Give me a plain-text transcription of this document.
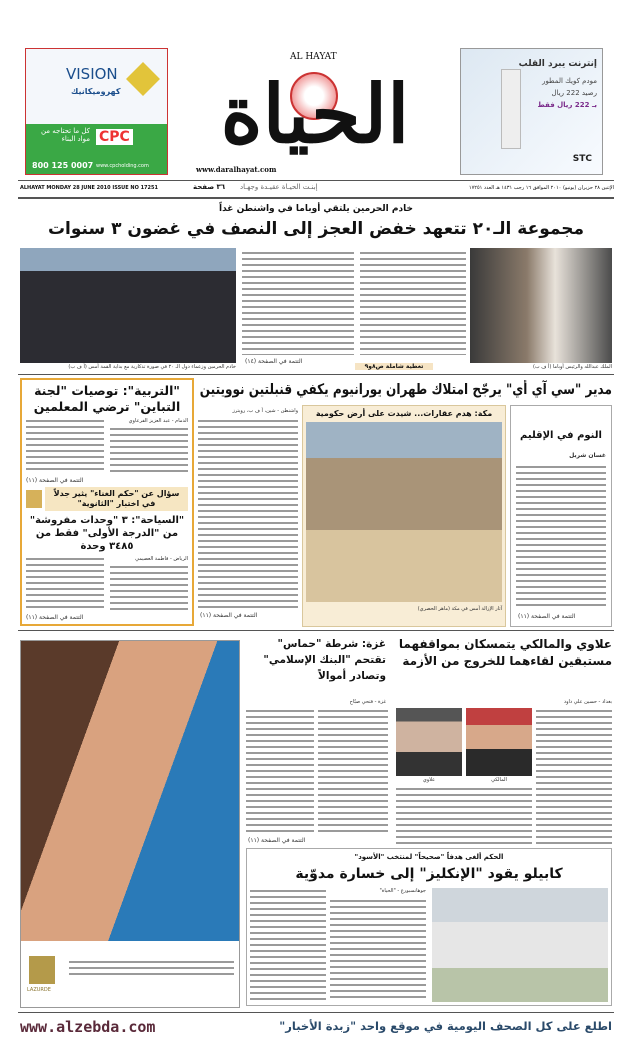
VISION
كهروميكانيك
CPC
كل ما تحتاجه من مواد البناء
800 125 0007 www.cpcholding.com
إنترنت يبرد القلب
مودم كويك المطور
رصيد 222 ريال
بـ 222 ريال فقط
STC
AL HAYAT
الحياة
www.daralhayat.com
ALHAYAT MONDAY 28 JUNE 2010 ISSUE NO 17251	٣٦ صفحة إبنـت الحيـاة عقيـدة وجهـاد	الإثنين ٢٨ حزيران (يونيو) ٢٠١٠ الموافق ١٦ رجب ١٤٣١ هـ العدد ١٧٢٥١
خادم الحرمين يلتقي أوباما في واشنطن غداً
مجموعة الـ٢٠ تتعهد خفض العجز إلى النصف في غضون ٣ سنوات
الملك عبدالله والرئيس أوباما (أ ف ب)
التتمة في الصفحة (١٤)
تغطية شاملة ص٨و٩
خادم الحرمين وزعماء دول الـ ٢٠ في صورة تذكارية مع بداية القمة أمس (أ ف ب)
مدير "سي آي أي" يرجّح امتلاك طهران يورانيوم يكفي قنبلتين نوويتين
واشنطن - شين، أ ف ب، رويترز
التتمة في الصفحة (١١)
"التربية": توصيات "لجنة التباين" ترضي المعلمين
الدمام - عبد العزيز الفرعاوي
التتمة في الصفحة (١١)
سؤال عن "حكم الغناء" يثير جدلاً في اختبار "الثانوية"
"السياحة": ٣ "وحدات مفروشة" من "الدرجة الأولى" فقط من ٣٤٨٥ وحدة
الرياض - فاطمة العصيمي
التتمة في الصفحة (١١)
مكة: هدم عقارات... شيدت على أرض حكومية
آثار الإزالة أمس في مكة (ماهر الحصري)
النوم في الإقليم
غسان شربل
التتمة في الصفحة (١١)
LAZURDE
علاوي والمالكي يتمسكان بمواقفهما مستبقين لقاءهما للخروج من الأزمة
بغداد - حسين علي داود
المالكي
علاوي
غزة: شرطة "حماس" تقتحم "البنك الإسلامي" وتصادر أموالاً
غزة - فتحي صبّاح
التتمة في الصفحة (١١)
الحكم ألغى هدفاً "صحيحاً" لمنتخب "الأسود"
كابيلو يقود "الإنكليز" إلى خسارة مدوّية
جوهانسبورغ - "الحياة"
www.alzebda.com	اطلع على كل الصحف اليومية في موقع واحد "زبدة الأخبار"
